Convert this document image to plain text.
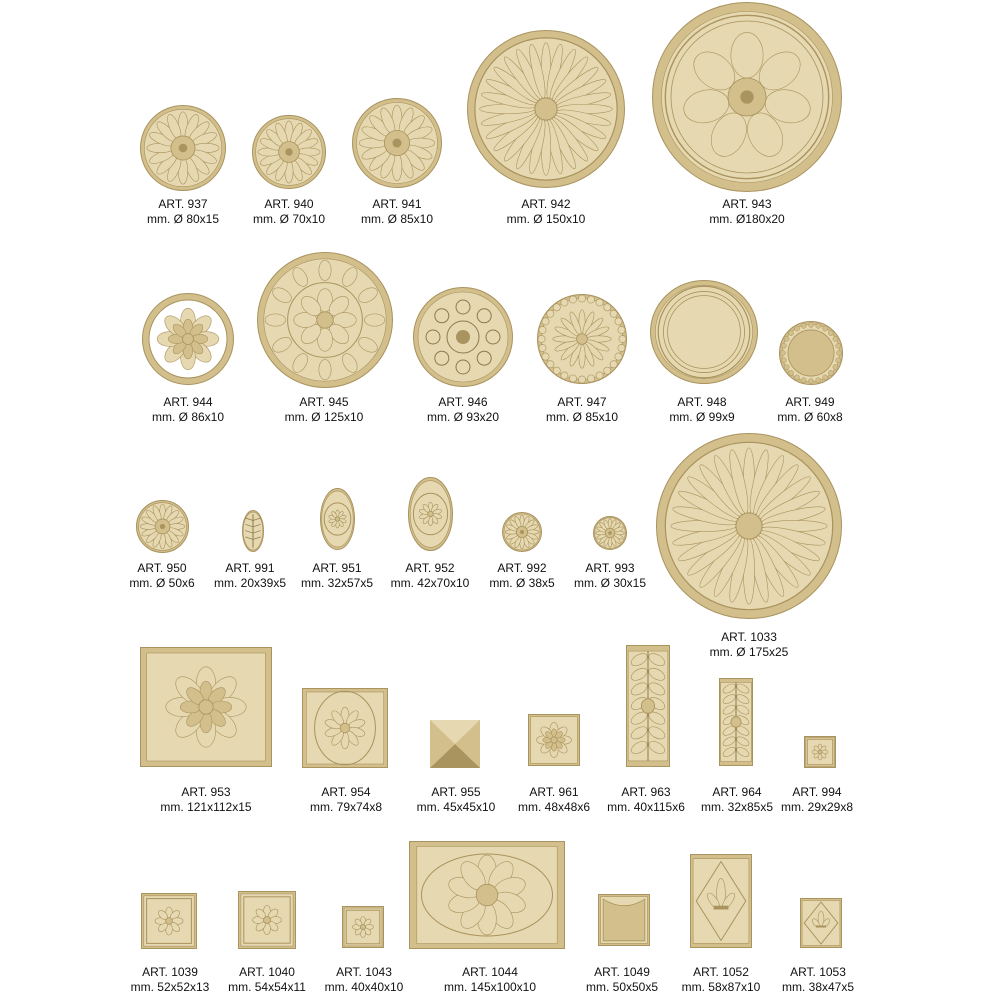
ART. 937
mm. Ø 80x15
ART. 940
mm. Ø 70x10
ART. 941
mm. Ø 85x10
ART. 942
mm. Ø 150x10
ART. 943
mm. Ø180x20
ART. 944
mm. Ø 86x10
ART. 945
mm. Ø 125x10
ART. 946
mm. Ø 93x20
ART. 947
mm. Ø 85x10
ART. 948
mm. Ø 99x9
ART. 949
mm. Ø 60x8
ART. 950
mm. Ø 50x6
ART. 991
mm. 20x39x5
ART. 951
mm. 32x57x5
ART. 952
mm. 42x70x10
ART. 992
mm. Ø 38x5
ART. 993
mm. Ø 30x15
ART. 1033
mm. Ø 175x25
ART. 953
mm. 121x112x15
ART. 954
mm. 79x74x8
ART. 955
mm. 45x45x10
ART. 961
mm. 48x48x6
ART. 963
mm. 40x115x6
ART. 964
mm. 32x85x5
ART. 994
mm. 29x29x8
ART. 1039
mm. 52x52x13
ART. 1040
mm. 54x54x11
ART. 1043
mm. 40x40x10
ART. 1044
mm. 145x100x10
ART. 1049
mm. 50x50x5
ART. 1052
mm. 58x87x10
ART. 1053
mm. 38x47x5
